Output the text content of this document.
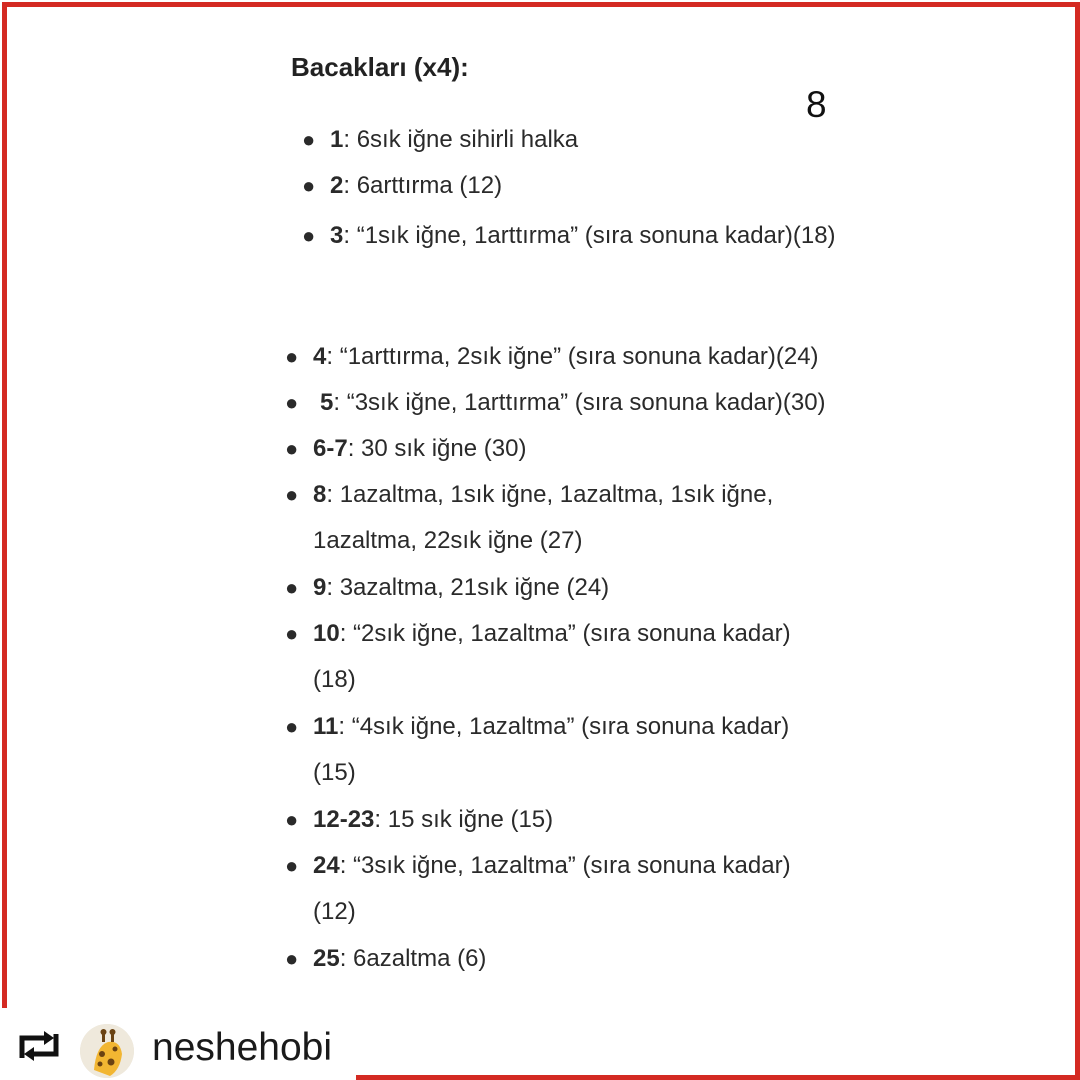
Bacakları (x4):
8
● 1: 6sık iğne sihirli halka
● 2: 6arttırma (12)
● 3: “1sık iğne, 1arttırma” (sıra sonuna kadar)(18)
● 4: “1arttırma, 2sık iğne” (sıra sonuna kadar)(24)
● 5: “3sık iğne, 1arttırma” (sıra sonuna kadar)(30)
● 6-7: 30 sık iğne (30)
● 8: 1azaltma, 1sık iğne, 1azaltma, 1sık iğne,
1azaltma, 22sık iğne (27)
● 9: 3azaltma, 21sık iğne (24)
● 10: “2sık iğne, 1azaltma” (sıra sonuna kadar)
(18)
● 11: “4sık iğne, 1azaltma” (sıra sonuna kadar)
(15)
● 12-23: 15 sık iğne (15)
● 24: “3sık iğne, 1azaltma” (sıra sonuna kadar)
(12)
● 25: 6azaltma (6)
neshehobi
